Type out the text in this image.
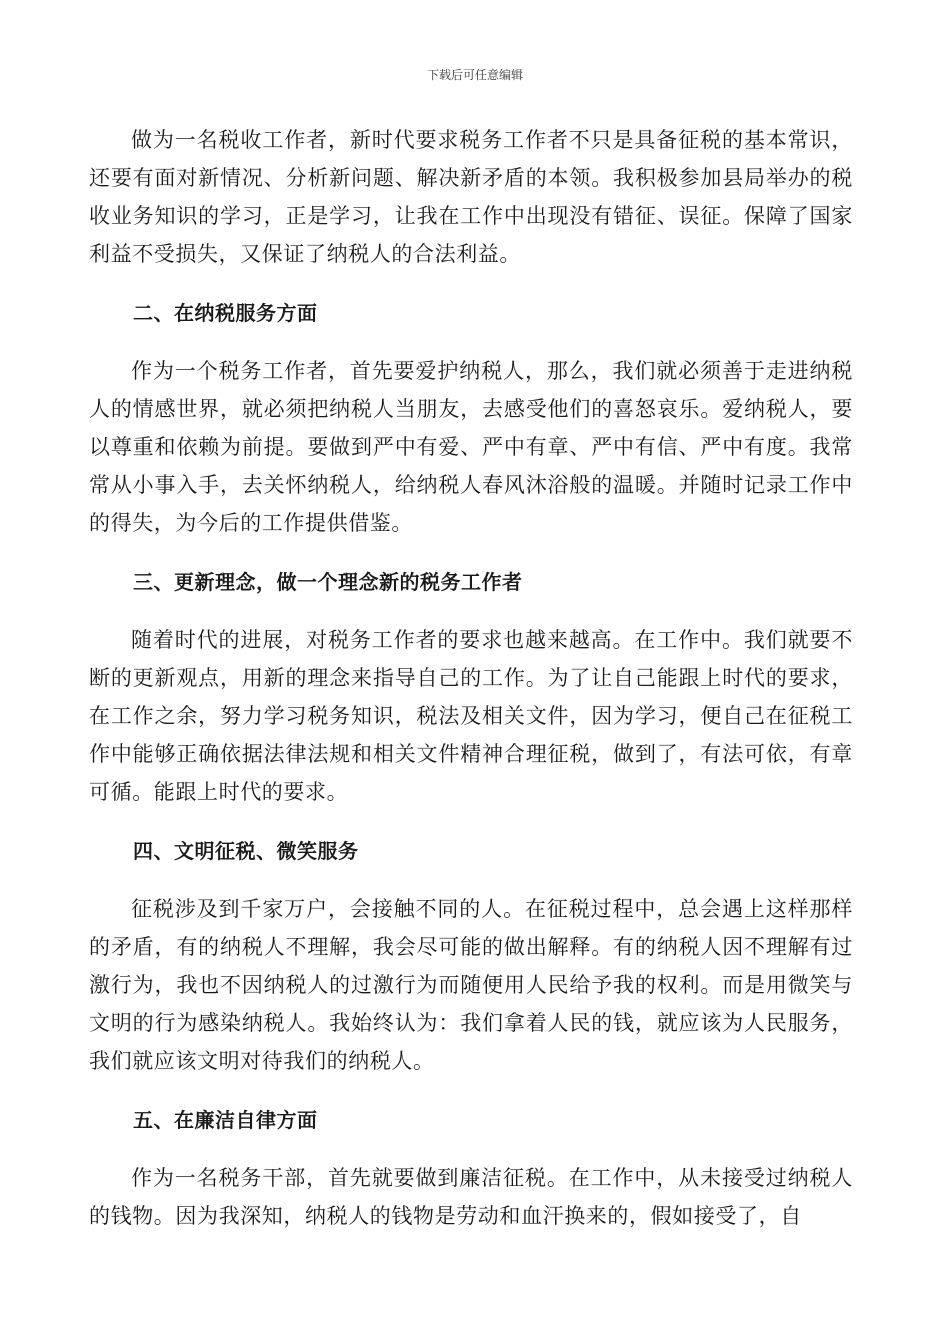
下载后可任意编辑

做为一名税收工作者，新时代要求税务工作者不只是具备征税的基本常识，还要有面对新情况、分析新问题、解决新矛盾的本领。我积极参加县局举办的税收业务知识的学习，正是学习，让我在工作中出现没有错征、误征。保障了国家利益不受损失，又保证了纳税人的合法利益。

二、在纳税服务方面

作为一个税务工作者，首先要爱护纳税人，那么，我们就必须善于走进纳税人的情感世界，就必须把纳税人当朋友，去感受他们的喜怒哀乐。爱纳税人，要以尊重和依赖为前提。要做到严中有爱、严中有章、严中有信、严中有度。我常常从小事入手，去关怀纳税人，给纳税人春风沐浴般的温暖。并随时记录工作中的得失，为今后的工作提供借鉴。

三、更新理念，做一个理念新的税务工作者

随着时代的进展，对税务工作者的要求也越来越高。在工作中。我们就要不断的更新观点，用新的理念来指导自己的工作。为了让自己能跟上时代的要求，在工作之余，努力学习税务知识，税法及相关文件，因为学习，便自己在征税工作中能够正确依据法律法规和相关文件精神合理征税，做到了，有法可依，有章可循。能跟上时代的要求。

四、文明征税、微笑服务

征税涉及到千家万户，会接触不同的人。在征税过程中，总会遇上这样那样的矛盾，有的纳税人不理解，我会尽可能的做出解释。有的纳税人因不理解有过激行为，我也不因纳税人的过激行为而随便用人民给予我的权利。而是用微笑与文明的行为感染纳税人。我始终认为：我们拿着人民的钱，就应该为人民服务，我们就应该文明对待我们的纳税人。

五、在廉洁自律方面

作为一名税务干部，首先就要做到廉洁征税。在工作中，从未接受过纳税人的钱物。因为我深知，纳税人的钱物是劳动和血汗换来的，假如接受了，自
